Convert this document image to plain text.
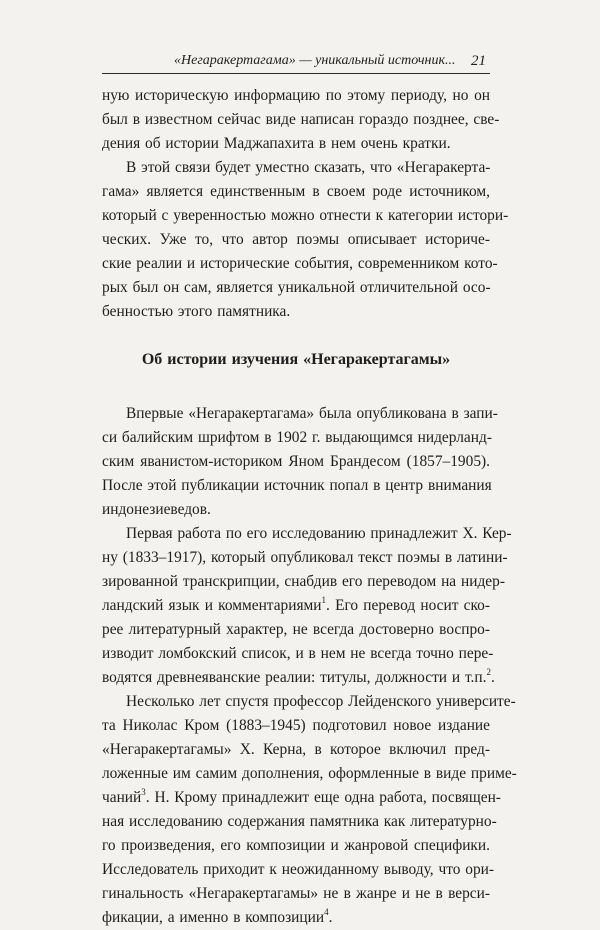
«Негаракертагама» — уникальный источник... 21
ную историческую информацию по этому периоду, но он
был в известном сейчас виде написан гораздо позднее, све-
дения об истории Маджапахита в нем очень кратки.
В этой связи будет уместно сказать, что «Негаракерта-
гама» является единственным в своем роде источником,
который с уверенностью можно отнести к категории истори-
ческих. Уже то, что автор поэмы описывает историче-
ские реалии и исторические события, современником кото-
рых был он сам, является уникальной отличительной осо-
бенностью этого памятника.
Об истории изучения «Негаракертагамы»
Впервые «Негаракертагама» была опубликована в запи-
си балийским шрифтом в 1902 г. выдающимся нидерланд-
ским яванистом-историком Яном Брандесом (1857–1905).
После этой публикации источник попал в центр внимания
индонезиеведов.
Первая работа по его исследованию принадлежит Х. Кер-
ну (1833–1917), который опубликовал текст поэмы в латини-
зированной транскрипции, снабдив его переводом на нидер-
ландский язык и комментариями$^1$. Его перевод носит ско-
рее литературный характер, не всегда достоверно воспро-
изводит ломбокский список, и в нем не всегда точно пере-
водятся древнеяванские реалии: титулы, должности и т.п.$^2$.
Несколько лет спустя профессор Лейденского университе-
та Николас Кром (1883–1945) подготовил новое издание
«Негаракертагамы» Х. Керна, в которое включил пред-
ложенные им самим дополнения, оформленные в виде приме-
чаний$^3$. Н. Крому принадлежит еще одна работа, посвящен-
ная исследованию содержания памятника как литературно-
го произведения, его композиции и жанровой специфики.
Исследователь приходит к неожиданному выводу, что ори-
гинальность «Негаракертагамы» не в жанре и не в верси-
фикации, а именно в композиции$^4$.
